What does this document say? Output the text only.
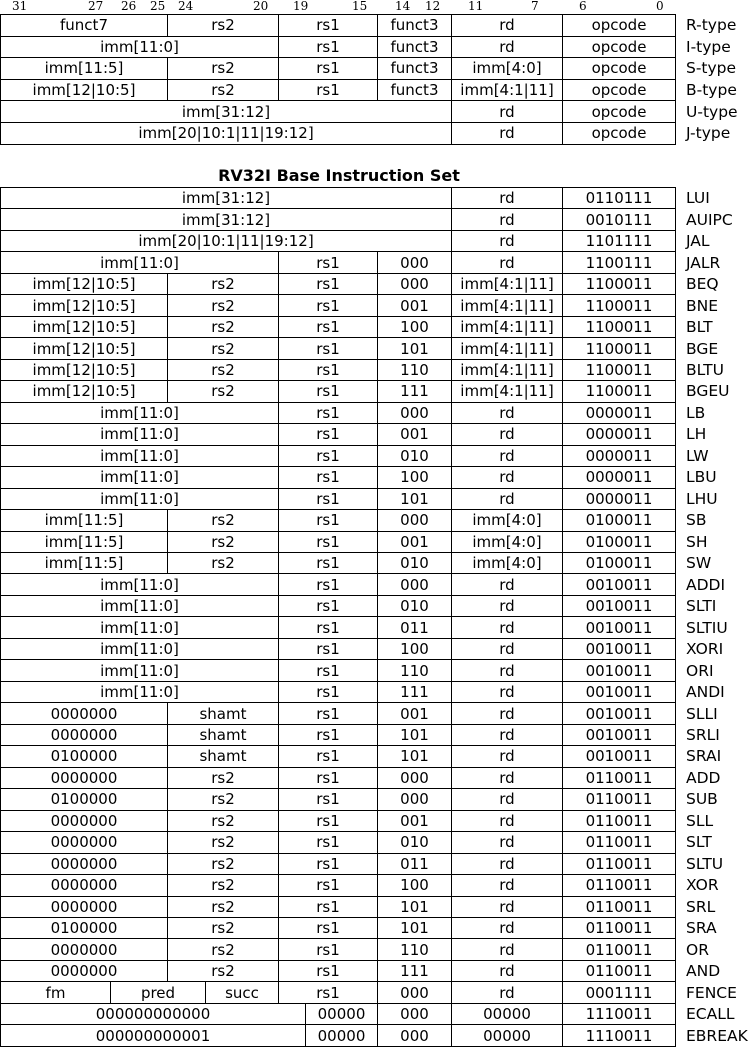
31	27 26 25 24	20 19	15 14 12 11	7	6	0
funct7	rs2	rs1	funct3	rd	opcode	R-type
imm[11:0]	rs1	funct3	rd	opcode	I-type
imm[11:5]	rs2	rs1	funct3	imm[4:0]	opcode	S-type
imm[12|10:5]	rs2	rs1	funct3	imm[4:1|11]	opcode	B-type
imm[31:12]	rd	opcode	U-type
imm[20|10:1|11|19:12]	rd	opcode	J-type
RV32I Base Instruction Set
imm[31:12]	rd	0110111	LUI
imm[31:12]	rd	0010111	AUIPC
imm[20|10:1|11|19:12]	rd	1101111	JAL
imm[11:0]	rs1	000	rd	1100111	JALR
imm[12|10:5]	rs2	rs1	000	imm[4:1|11]	1100011	BEQ
imm[12|10:5]	rs2	rs1	001	imm[4:1|11]	1100011	BNE
imm[12|10:5]	rs2	rs1	100	imm[4:1|11]	1100011	BLT
imm[12|10:5]	rs2	rs1	101	imm[4:1|11]	1100011	BGE
imm[12|10:5]	rs2	rs1	110	imm[4:1|11]	1100011	BLTU
imm[12|10:5]	rs2	rs1	111	imm[4:1|11]	1100011	BGEU
imm[11:0]	rs1	000	rd	0000011	LB
imm[11:0]	rs1	001	rd	0000011	LH
imm[11:0]	rs1	010	rd	0000011	LW
imm[11:0]	rs1	100	rd	0000011	LBU
imm[11:0]	rs1	101	rd	0000011	LHU
imm[11:5]	rs2	rs1	000	imm[4:0]	0100011	SB
imm[11:5]	rs2	rs1	001	imm[4:0]	0100011	SH
imm[11:5]	rs2	rs1	010	imm[4:0]	0100011	SW
imm[11:0]	rs1	000	rd	0010011	ADDI
imm[11:0]	rs1	010	rd	0010011	SLTI
imm[11:0]	rs1	011	rd	0010011	SLTIU
imm[11:0]	rs1	100	rd	0010011	XORI
imm[11:0]	rs1	110	rd	0010011	ORI
imm[11:0]	rs1	111	rd	0010011	ANDI
0000000	shamt	rs1	001	rd	0010011	SLLI
0000000	shamt	rs1	101	rd	0010011	SRLI
0100000	shamt	rs1	101	rd	0010011	SRAI
0000000	rs2	rs1	000	rd	0110011	ADD
0100000	rs2	rs1	000	rd	0110011	SUB
0000000	rs2	rs1	001	rd	0110011	SLL
0000000	rs2	rs1	010	rd	0110011	SLT
0000000	rs2	rs1	011	rd	0110011	SLTU
0000000	rs2	rs1	100	rd	0110011	XOR
0000000	rs2	rs1	101	rd	0110011	SRL
0100000	rs2	rs1	101	rd	0110011	SRA
0000000	rs2	rs1	110	rd	0110011	OR
0000000	rs2	rs1	111	rd	0110011	AND
fm	pred	succ	rs1	000	rd	0001111	FENCE
000000000000	00000	000	00000	1110011	ECALL
000000000001	00000	000	00000	1110011	EBREAK
